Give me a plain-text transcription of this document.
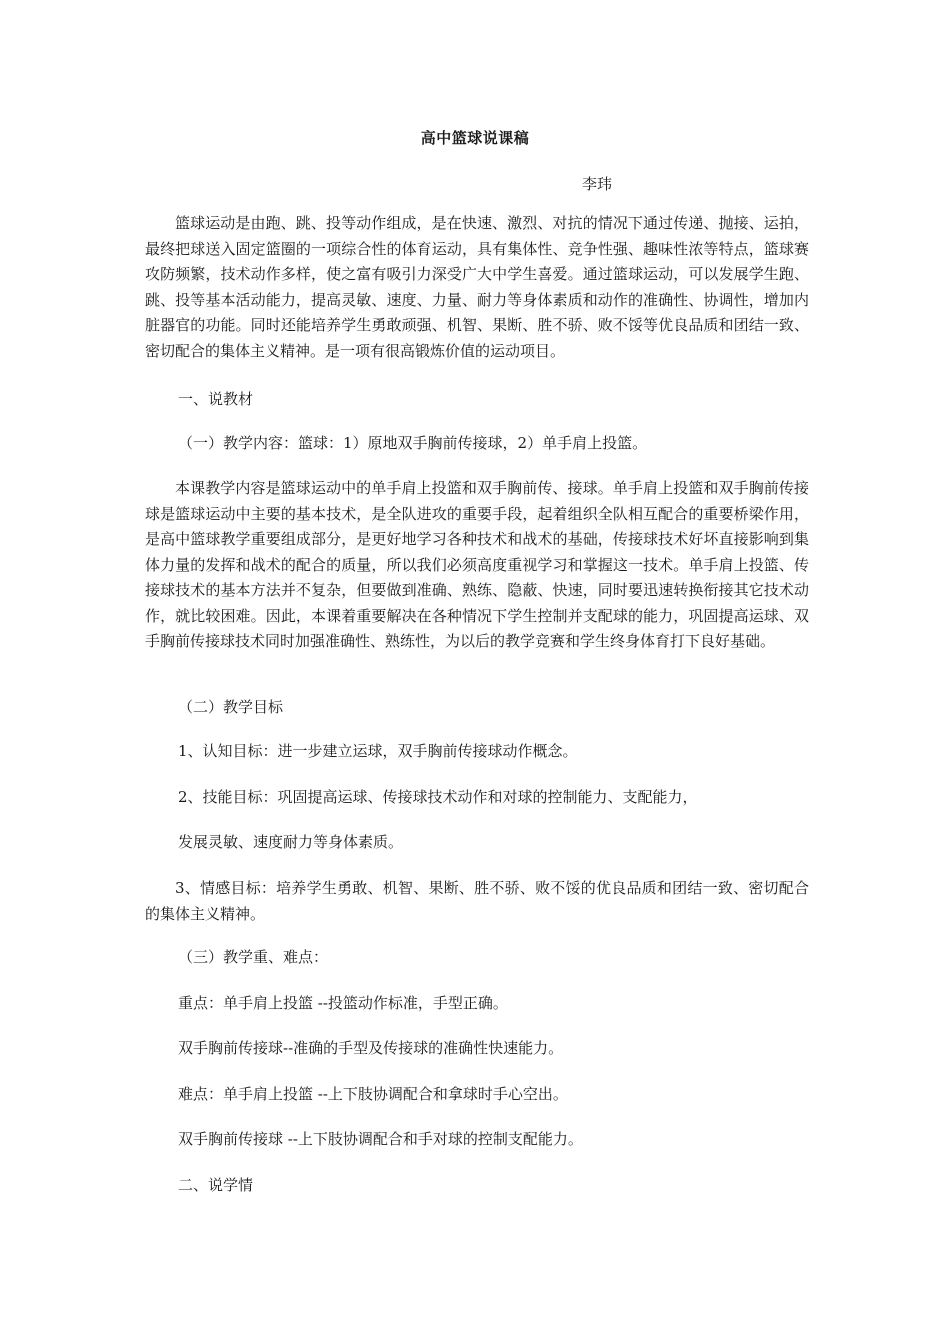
高中篮球说课稿
李玮

篮球运动是由跑、跳、投等动作组成，是在快速、激烈、对抗的情况下通过传递、抛接、运拍，最终把球送入固定篮圈的一项综合性的体育运动，具有集体性、竞争性强、趣味性浓等特点，篮球赛攻防频繁，技术动作多样，使之富有吸引力深受广大中学生喜爱。通过篮球运动，可以发展学生跑、跳、投等基本活动能力，提高灵敏、速度、力量、耐力等身体素质和动作的准确性、协调性，增加内脏器官的功能。同时还能培养学生勇敢顽强、机智、果断、胜不骄、败不馁等优良品质和团结一致、密切配合的集体主义精神。是一项有很高锻炼价值的运动项目。

一、说教材
（一）教学内容：篮球：1）原地双手胸前传接球，2）单手肩上投篮。

本课教学内容是篮球运动中的单手肩上投篮和双手胸前传、接球。单手肩上投篮和双手胸前传接球是篮球运动中主要的基本技术，是全队进攻的重要手段，起着组织全队相互配合的重要桥梁作用，是高中篮球教学重要组成部分，是更好地学习各种技术和战术的基础，传接球技术好坏直接影响到集体力量的发挥和战术的配合的质量，所以我们必须高度重视学习和掌握这一技术。单手肩上投篮、传接球技术的基本方法并不复杂，但要做到准确、熟练、隐蔽、快速，同时要迅速转换衔接其它技术动作，就比较困难。因此，本课着重要解决在各种情况下学生控制并支配球的能力，巩固提高运球、双手胸前传接球技术同时加强准确性、熟练性，为以后的教学竞赛和学生终身体育打下良好基础。

（二）教学目标
1、认知目标：进一步建立运球，双手胸前传接球动作概念。
2、技能目标：巩固提高运球、传接球技术动作和对球的控制能力、支配能力，
发展灵敏、速度耐力等身体素质。

3、情感目标：培养学生勇敢、机智、果断、胜不骄、败不馁的优良品质和团结一致、密切配合的集体主义精神。

（三）教学重、难点：
重点：单手肩上投篮 --投篮动作标准，手型正确。
双手胸前传接球--准确的手型及传接球的准确性快速能力。
难点：单手肩上投篮 --上下肢协调配合和拿球时手心空出。
双手胸前传接球 --上下肢协调配合和手对球的控制支配能力。
二、说学情
